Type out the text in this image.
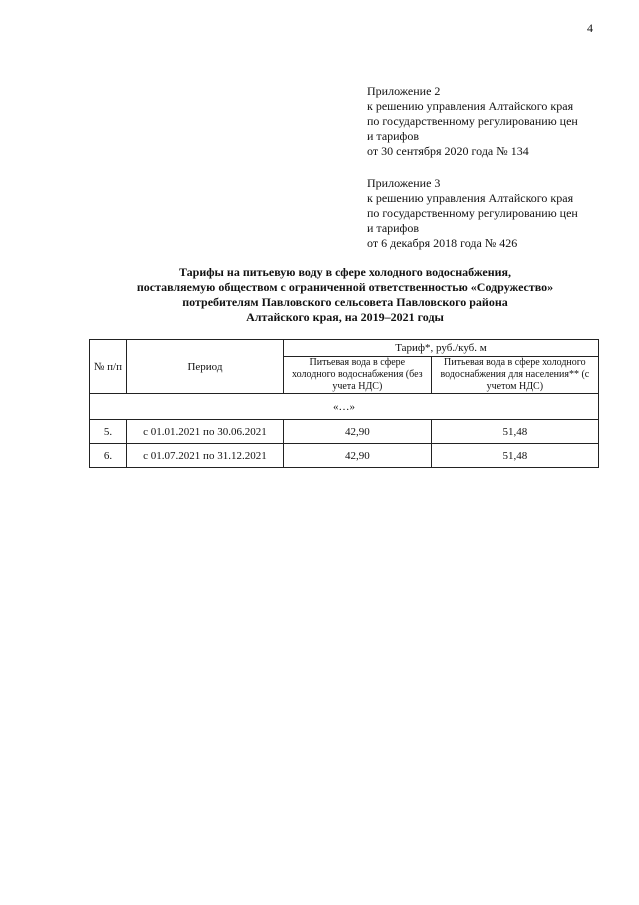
4
Приложение 2
к решению управления Алтайского края
по государственному регулированию цен
и тарифов
от 30 сентября 2020 года № 134
Приложение 3
к решению управления Алтайского края
по государственному регулированию цен
и тарифов
от 6 декабря 2018 года № 426
Тарифы на питьевую воду в сфере холодного водоснабжения,
поставляемую обществом с ограниченной ответственностью «Содружество»
потребителям Павловского сельсовета Павловского района
Алтайского края, на 2019–2021 годы
№ п/п	Период	Тариф*, руб./куб. м	
		Питьевая вода в сфере холодного водоснабжения (без учета НДС)	Питьевая вода в сфере холодного водоснабжения для населения** (с учетом НДС)
«…»			
5.	с 01.01.2021 по 30.06.2021	42,90	51,48
6.	с 01.07.2021 по 31.12.2021	42,90	51,48
